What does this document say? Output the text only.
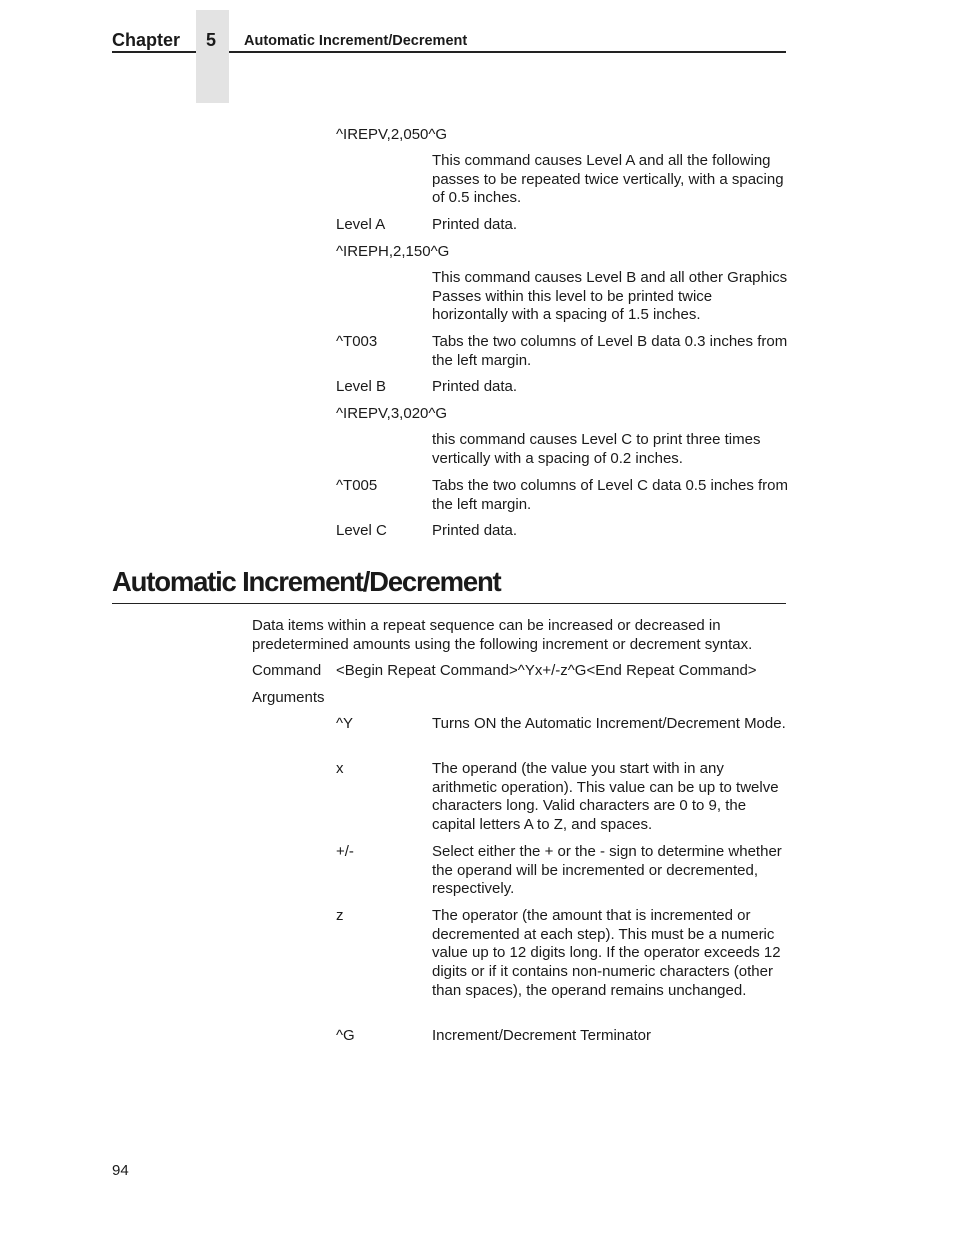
Chapter	5	Automatic Increment/Decrement
^IREPV,2,050^G
This command causes Level A and all the following passes to be repeated twice vertically, with a spacing of 0.5 inches.
Level A	Printed data.
^IREPH,2,150^G
This command causes Level B and all other Graphics Passes within this level to be printed twice horizontally with a spacing of 1.5 inches.
^T003	Tabs the two columns of Level B data 0.3 inches from the left margin.
Level B	Printed data.
^IREPV,3,020^G
this command causes Level C to print three times vertically with a spacing of 0.2 inches.
^T005	Tabs the two columns of Level C data 0.5 inches from the left margin.
Level C	Printed data.
Automatic Increment/Decrement
Data items within a repeat sequence can be increased or decreased in predetermined amounts using the following increment or decrement syntax.
Command <Begin Repeat Command>^Yx+/-z^G<End Repeat Command>
Arguments
^Y	Turns ON the Automatic Increment/Decrement Mode.
x	The operand (the value you start with in any arithmetic operation). This value can be up to twelve characters long. Valid characters are 0 to 9, the capital letters A to Z, and spaces.
+/-	Select either the + or the - sign to determine whether the operand will be incremented or decremented, respectively.
z	The operator (the amount that is incremented or decremented at each step). This must be a numeric value up to 12 digits long. If the operator exceeds 12 digits or if it contains non-numeric characters (other than spaces), the operand remains unchanged.
^G	Increment/Decrement Terminator
94
